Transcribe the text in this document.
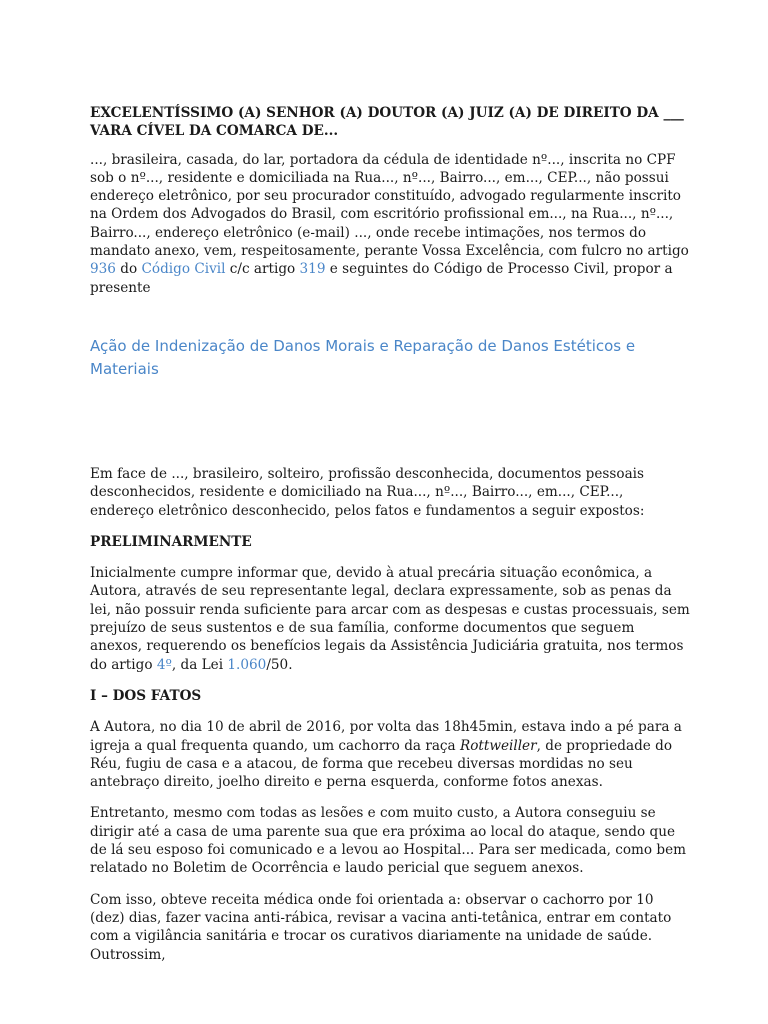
EXCELENTÍSSIMO (A) SENHOR (A) DOUTOR (A) JUIZ (A) DE DIREITO DA ___ VARA CÍVEL DA COMARCA DE...

..., brasileira, casada, do lar, portadora da cédula de identidade nº..., inscrita no CPF sob o nº..., residente e domiciliada na Rua..., nº..., Bairro..., em..., CEP..., não possui endereço eletrônico, por seu procurador constituído, advogado regularmente inscrito na Ordem dos Advogados do Brasil, com escritório profissional em..., na Rua..., nº..., Bairro..., endereço eletrônico (e-mail) ..., onde recebe intimações, nos termos do mandato anexo, vem, respeitosamente, perante Vossa Excelência, com fulcro no artigo 936 do Código Civil c/c artigo 319 e seguintes do Código de Processo Civil, propor a presente

Ação de Indenização de Danos Morais e Reparação de Danos Estéticos e Materiais

Em face de ..., brasileiro, solteiro, profissão desconhecida, documentos pessoais desconhecidos, residente e domiciliado na Rua..., nº..., Bairro..., em..., CEP..., endereço eletrônico desconhecido, pelos fatos e fundamentos a seguir expostos:

PRELIMINARMENTE

Inicialmente cumpre informar que, devido à atual precária situação econômica, a Autora, através de seu representante legal, declara expressamente, sob as penas da lei, não possuir renda suficiente para arcar com as despesas e custas processuais, sem prejuízo de seus sustentos e de sua família, conforme documentos que seguem anexos, requerendo os benefícios legais da Assistência Judiciária gratuita, nos termos do artigo 4º, da Lei 1.060/50.

I – DOS FATOS

A Autora, no dia 10 de abril de 2016, por volta das 18h45min, estava indo a pé para a igreja a qual frequenta quando, um cachorro da raça Rottweiller, de propriedade do Réu, fugiu de casa e a atacou, de forma que recebeu diversas mordidas no seu antebraço direito, joelho direito e perna esquerda, conforme fotos anexas.

Entretanto, mesmo com todas as lesões e com muito custo, a Autora conseguiu se dirigir até a casa de uma parente sua que era próxima ao local do ataque, sendo que de lá seu esposo foi comunicado e a levou ao Hospital... Para ser medicada, como bem relatado no Boletim de Ocorrência e laudo pericial que seguem anexos.

Com isso, obteve receita médica onde foi orientada a: observar o cachorro por 10 (dez) dias, fazer vacina anti-rábica, revisar a vacina anti-tetânica, entrar em contato com a vigilância sanitária e trocar os curativos diariamente na unidade de saúde. Outrossim,
